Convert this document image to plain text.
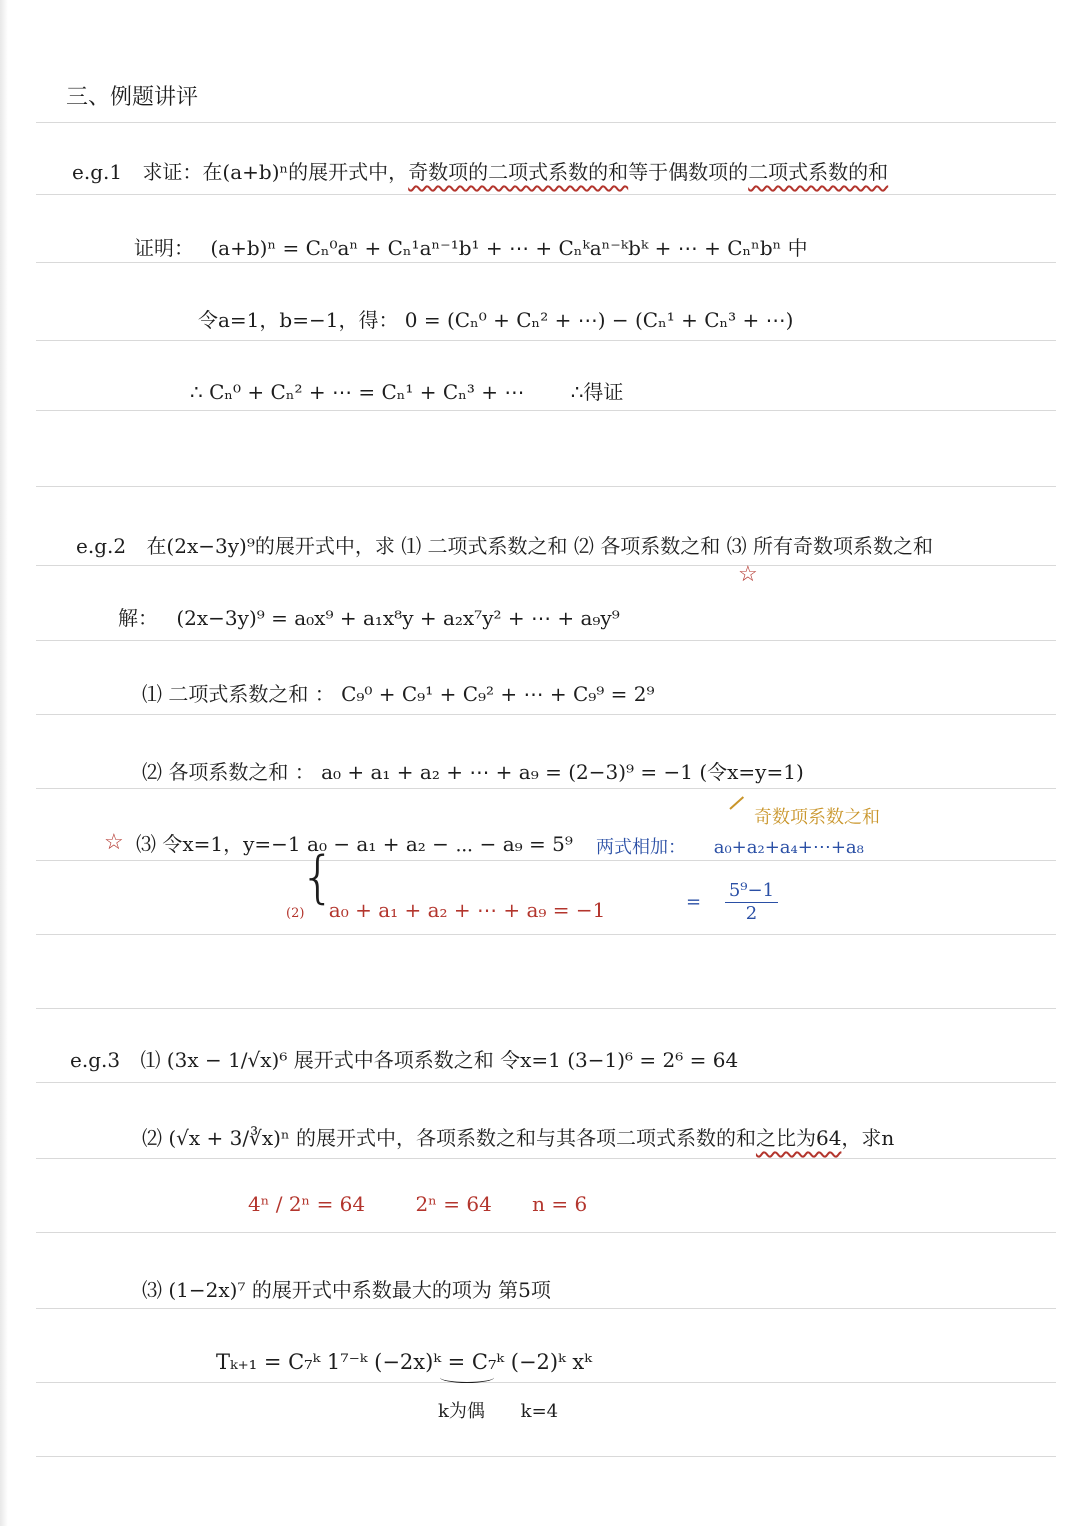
三、例题讲评
e.g.1 求证：在(a+b)ⁿ的展开式中，奇数项的二项式系数的和等于偶数项的二项式系数的和
证明： (a+b)ⁿ = Cₙ⁰aⁿ + Cₙ¹aⁿ⁻¹b¹ + ⋯ + Cₙᵏaⁿ⁻ᵏbᵏ + ⋯ + Cₙⁿbⁿ 中
令a=1，b=−1，得： 0 = (Cₙ⁰ + Cₙ² + ⋯) − (Cₙ¹ + Cₙ³ + ⋯)
∴ Cₙ⁰ + Cₙ² + ⋯ = Cₙ¹ + Cₙ³ + ⋯ ∴得证
e.g.2 在(2x−3y)⁹的展开式中，求 ⑴ 二项式系数之和 ⑵ 各项系数之和 ⑶ 所有奇数项系数之和
☆
解： (2x−3y)⁹ = a₀x⁹ + a₁x⁸y + a₂x⁷y² + ⋯ + a₉y⁹
⑴ 二项式系数之和 ： C₉⁰ + C₉¹ + C₉² + ⋯ + C₉⁹ = 2⁹
⑵ 各项系数之和 ： a₀ + a₁ + a₂ + ⋯ + a₉ = (2−3)⁹ = −1 (令x=y=1)
奇数项系数之和
☆ ⑶ 令x=1，y=−1 a₀ − a₁ + a₂ − ⋯ − a₉ = 5⁹
{
(2) a₀ + a₁ + a₂ + ⋯ + a₉ = −1
两式相加： a₀+a₂+a₄+⋯+a₈
= $\frac{\text{5⁹−1}}{2}$
e.g.3 ⑴ (3x − 1/√x)⁶ 展开式中各项系数之和 令x=1 (3−1)⁶ = 2⁶ = 64
⑵ (√x + 3/∛x)ⁿ 的展开式中，各项系数之和与其各项二项式系数的和之比为64，求n
4ⁿ / 2ⁿ = 64	2ⁿ = 64 n = 6
⑶ (1−2x)⁷ 的展开式中系数最大的项为 第5项
Tₖ₊₁ = C₇ᵏ 1⁷⁻ᵏ (−2x)ᵏ = C₇ᵏ (−2)ᵏ xᵏ
k为偶 k=4
